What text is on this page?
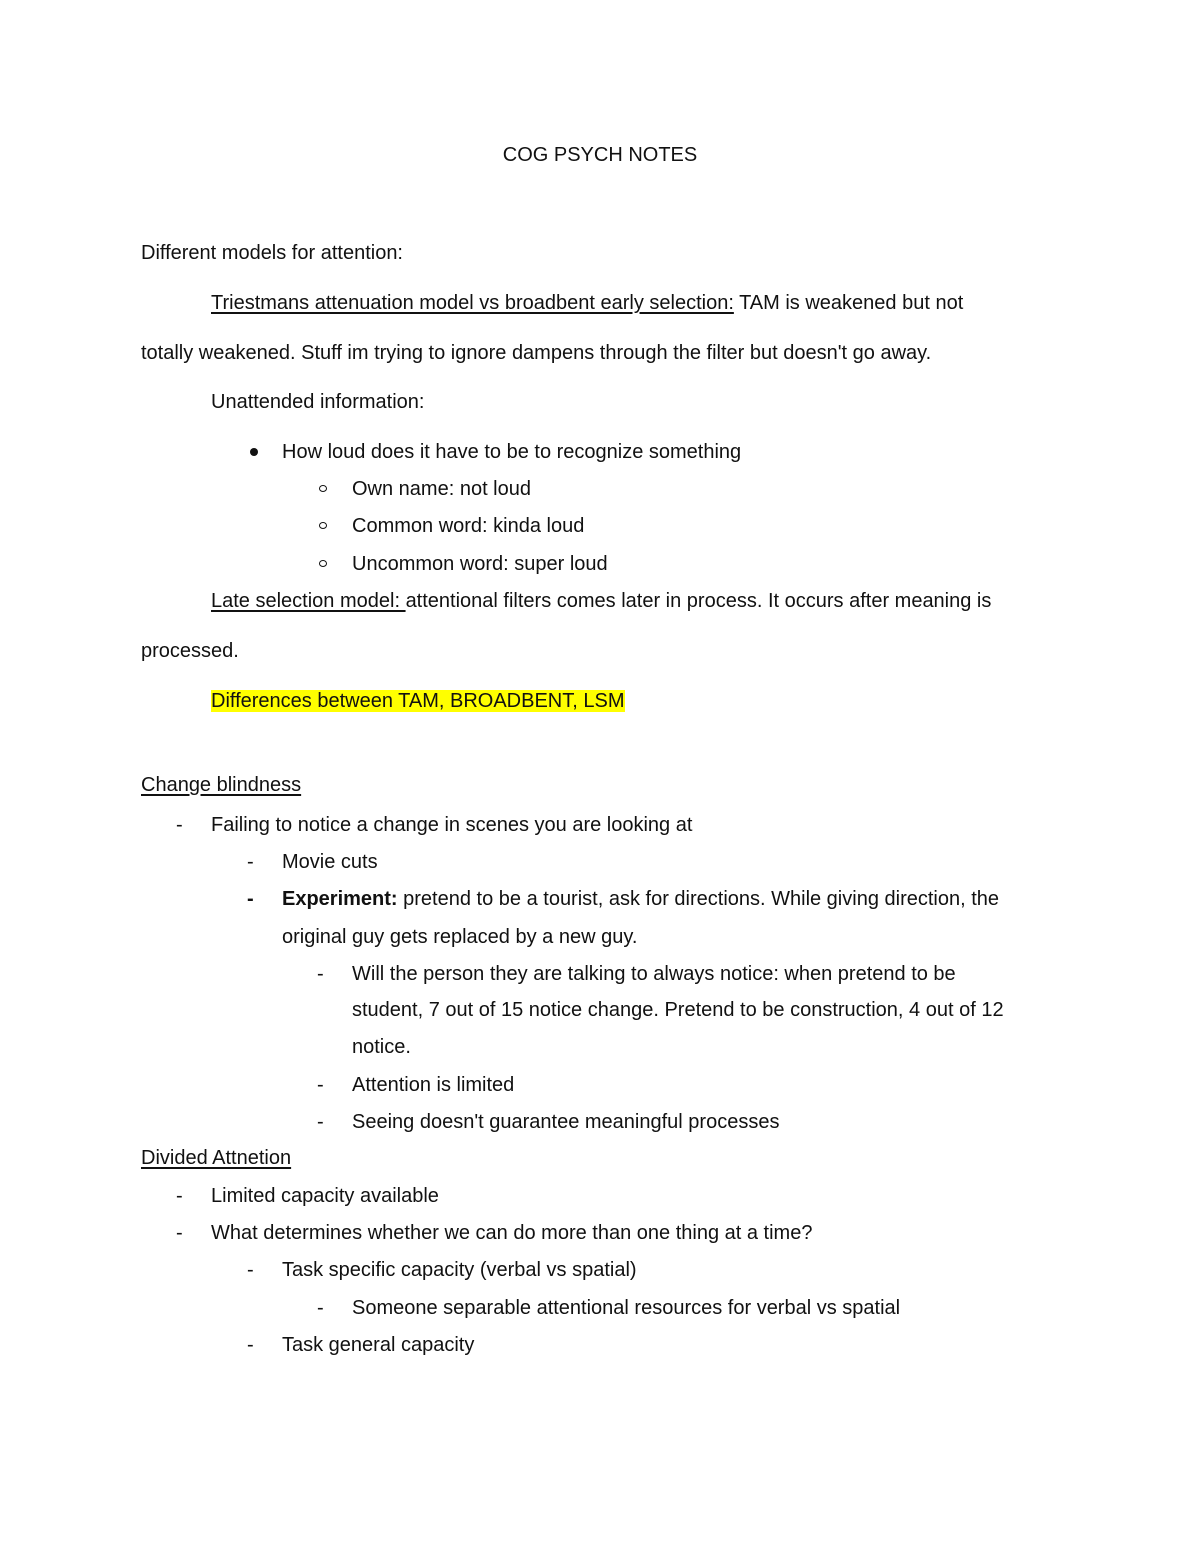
COG PSYCH NOTES
Different models for attention:
Triestmans attenuation model vs broadbent early selection: TAM is weakened but not
totally weakened. Stuff im trying to ignore dampens through the filter but doesn't go away.
Unattended information:
How loud does it have to be to recognize something
Own name: not loud
Common word: kinda loud
Uncommon word: super loud
Late selection model: attentional filters comes later in process. It occurs after meaning is
processed.
Differences between TAM, BROADBENT, LSM
Change blindness
- Failing to notice a change in scenes you are looking at
- Movie cuts
- Experiment: pretend to be a tourist, ask for directions. While giving direction, the
original guy gets replaced by a new guy.
- Will the person they are talking to always notice: when pretend to be
student, 7 out of 15 notice change. Pretend to be construction, 4 out of 12
notice.
- Attention is limited
- Seeing doesn't guarantee meaningful processes
Divided Attnetion
- Limited capacity available
- What determines whether we can do more than one thing at a time?
- Task specific capacity (verbal vs spatial)
- Someone separable attentional resources for verbal vs spatial
- Task general capacity
